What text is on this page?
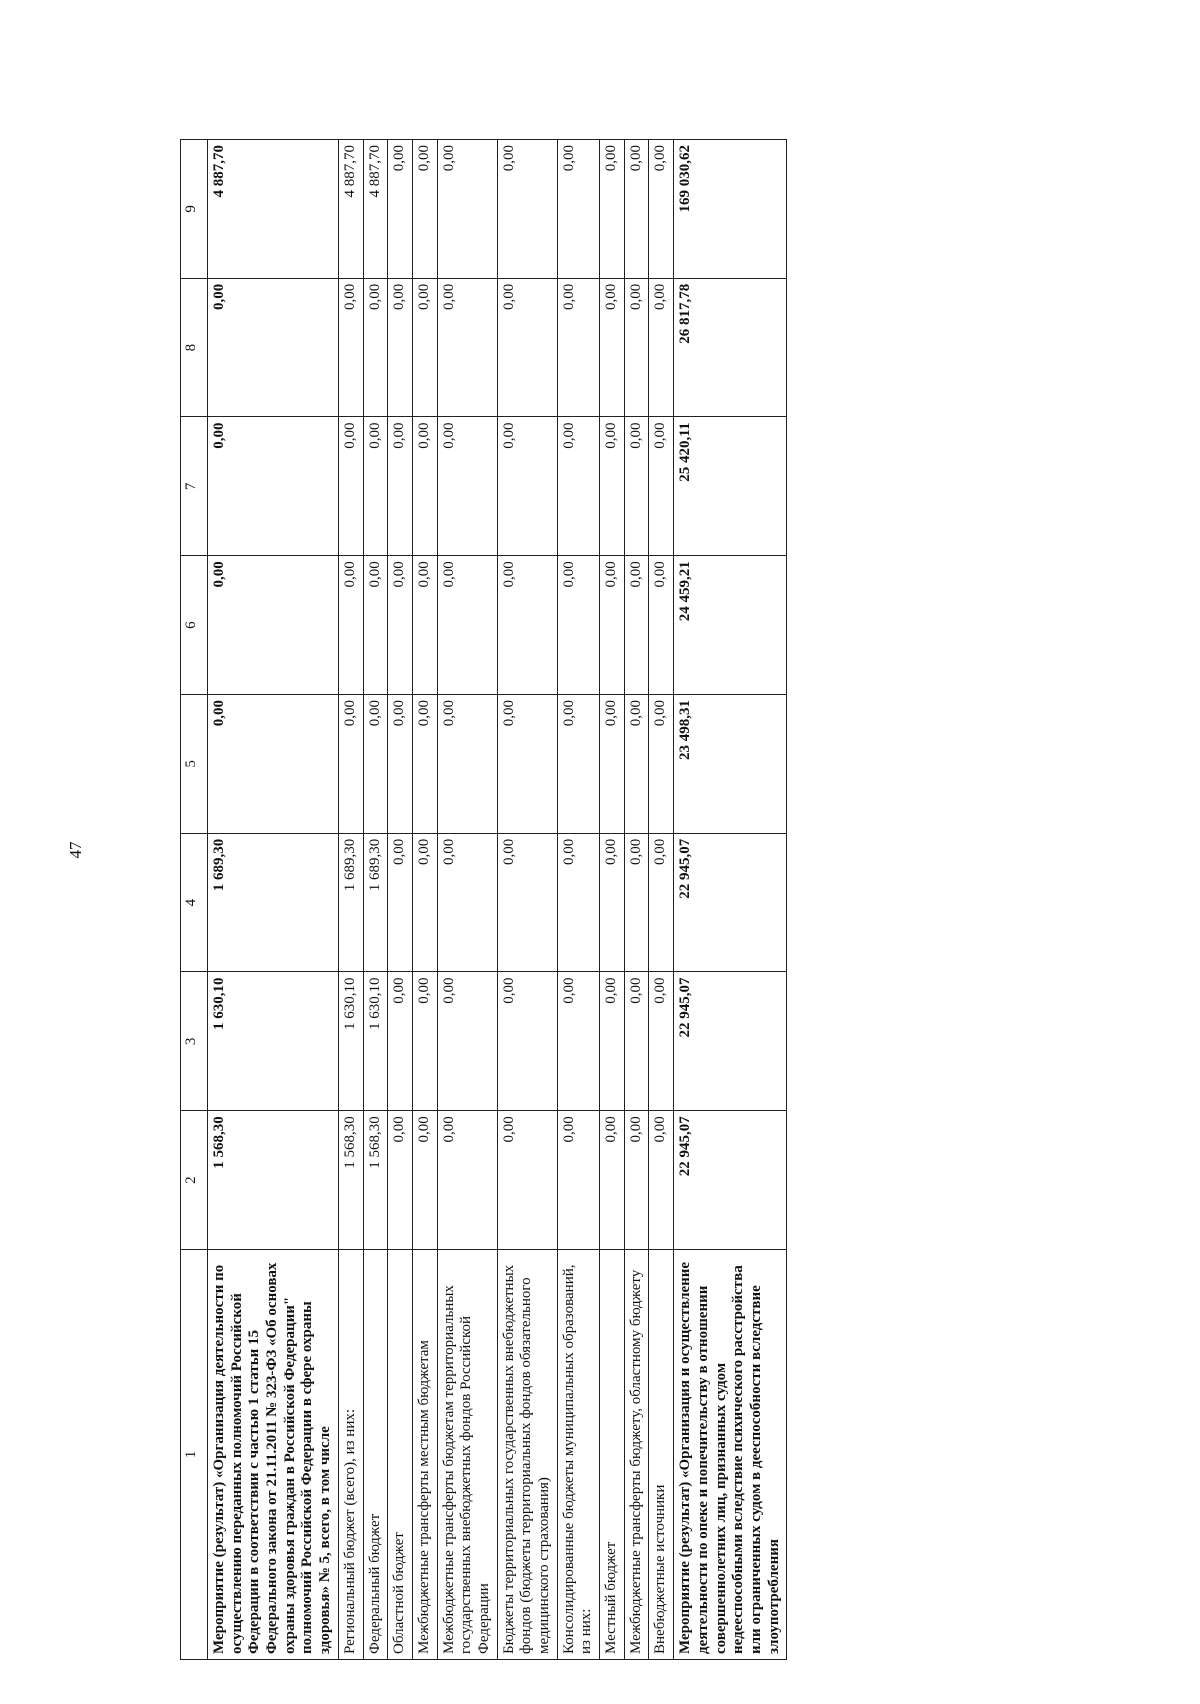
47
1	2	3	4	5	6	7	8	9
Мероприятие (результат) «Организация деятельности по осуществлению переданных полномочий Российской Федерации в соответствии с частью 1 статьи 15 Федерального закона от 21.11.2011 № 323-ФЗ «Об основах охраны здоровья граждан в Российской Федерации" полномочий Российской Федерации в сфере охраны здоровья» № 5, всего, в том числе	1 568,30	1 630,10	1 689,30	0,00	0,00	0,00	0,00	4 887,70
Региональный бюджет (всего), из них:	1 568,30	1 630,10	1 689,30	0,00	0,00	0,00	0,00	4 887,70
Федеральный бюджет	1 568,30	1 630,10	1 689,30	0,00	0,00	0,00	0,00	4 887,70
Областной бюджет	0,00	0,00	0,00	0,00	0,00	0,00	0,00	0,00
Межбюджетные трансферты местным бюджетам	0,00	0,00	0,00	0,00	0,00	0,00	0,00	0,00
Межбюджетные трансферты бюджетам территориальных государственных внебюджетных фондов Российской Федерации	0,00	0,00	0,00	0,00	0,00	0,00	0,00	0,00
Бюджеты территориальных государственных внебюджетных фондов (бюджеты территориальных фондов обязательного медицинского страхования)	0,00	0,00	0,00	0,00	0,00	0,00	0,00	0,00
Консолидированные бюджеты муниципальных образований, из них:	0,00	0,00	0,00	0,00	0,00	0,00	0,00	0,00
Местный бюджет	0,00	0,00	0,00	0,00	0,00	0,00	0,00	0,00
Межбюджетные трансферты бюджету, областному бюджету	0,00	0,00	0,00	0,00	0,00	0,00	0,00	0,00
Внебюджетные источники	0,00	0,00	0,00	0,00	0,00	0,00	0,00	0,00
Мероприятие (результат) «Организация и осуществление деятельности по опеке и попечительству в отношении совершеннолетних лиц, признанных судом недееспособными вследствие психического расстройства или ограниченных судом в дееспособности вследствие злоупотребления	22 945,07	22 945,07	22 945,07	23 498,31	24 459,21	25 420,11	26 817,78	169 030,62
